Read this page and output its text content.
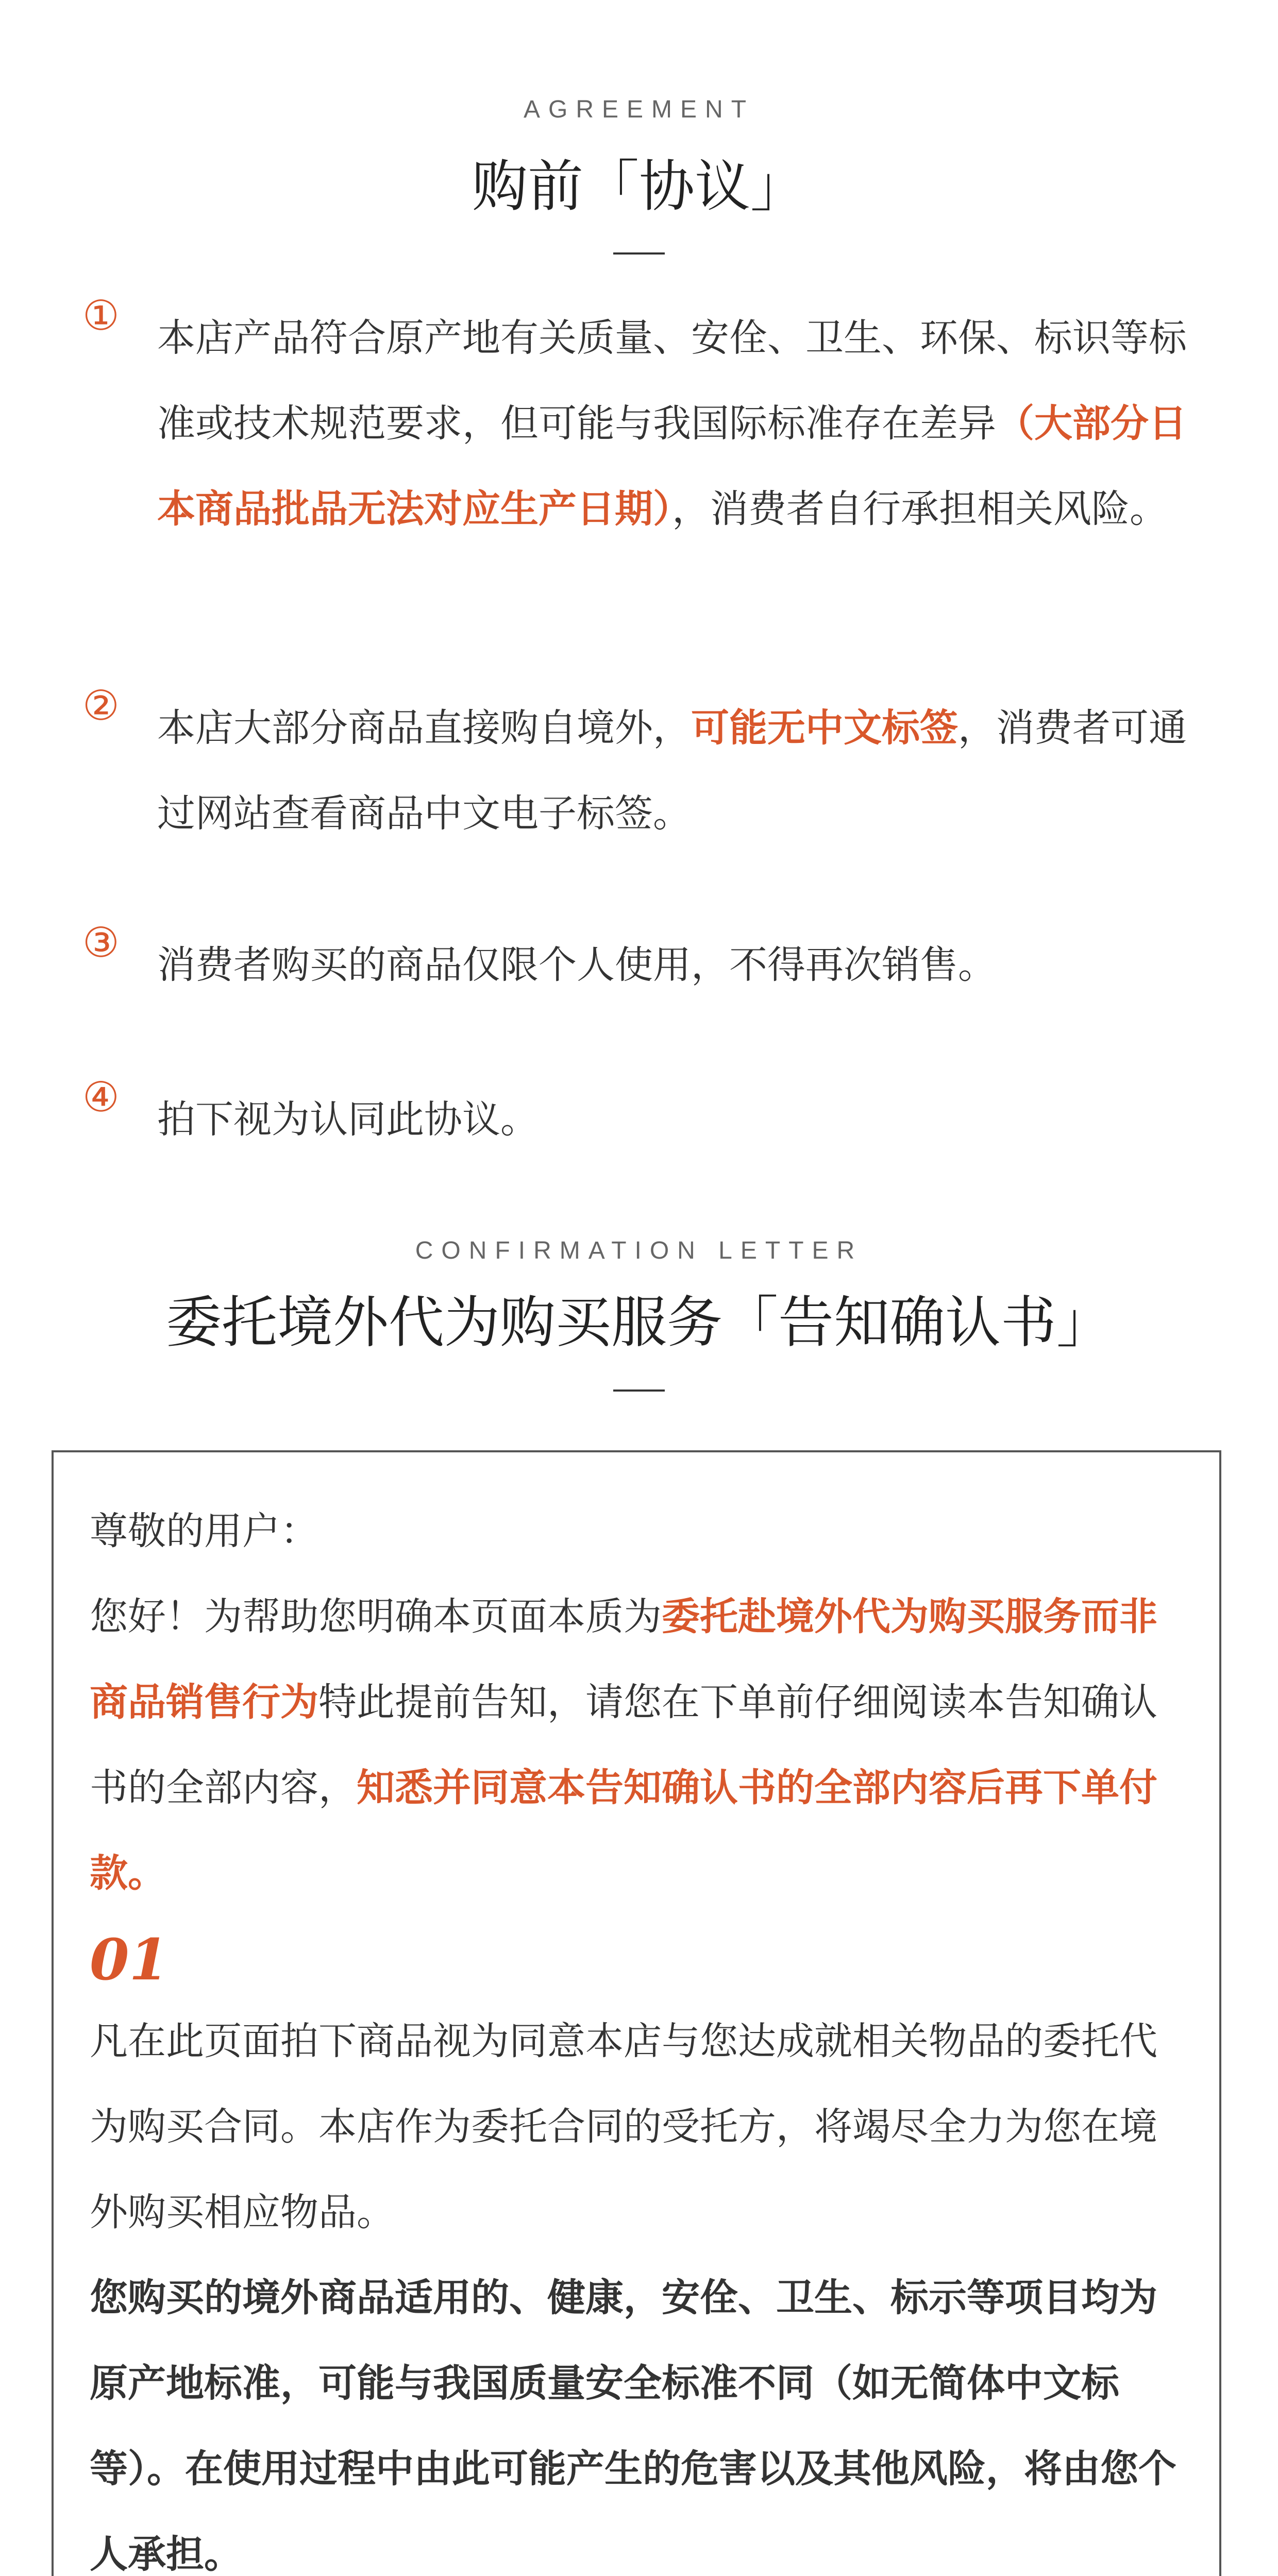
AGREEMENT
购前「协议」
① 本店产品符合原产地有关质量、安佺、卫生、环保、标识等标准或技术规范要求，但可能与我国际标准存在差异（大部分日本商品批品无法对应生产日期），消费者自行承担相关风险。
② 本店大部分商品直接购自境外，可能无中文标签，消费者可通过网站查看商品中文电子标签。
③ 消费者购买的商品仅限个人使用，不得再次销售。
④ 拍下视为认同此协议。
CONFIRMATION LETTER
委托境外代为购买服务「告知确认书」
尊敬的用户：
您好！为帮助您明确本页面本质为委托赴境外代为购买服务而非商品销售行为特此提前告知，请您在下单前仔细阅读本告知确认书的全部内容，知悉并同意本告知确认书的全部内容后再下单付款。
01
凡在此页面拍下商品视为同意本店与您达成就相关物品的委托代为购买合同。本店作为委托合同的受托方，将竭尽全力为您在境外购买相应物品。
您购买的境外商品适用的、健康，安佺、卫生、标示等项目均为原产地标准，可能与我国质量安全标准不同（如无简体中文标等）。在使用过程中由此可能产生的危害以及其他风险，将由您个人承担。
